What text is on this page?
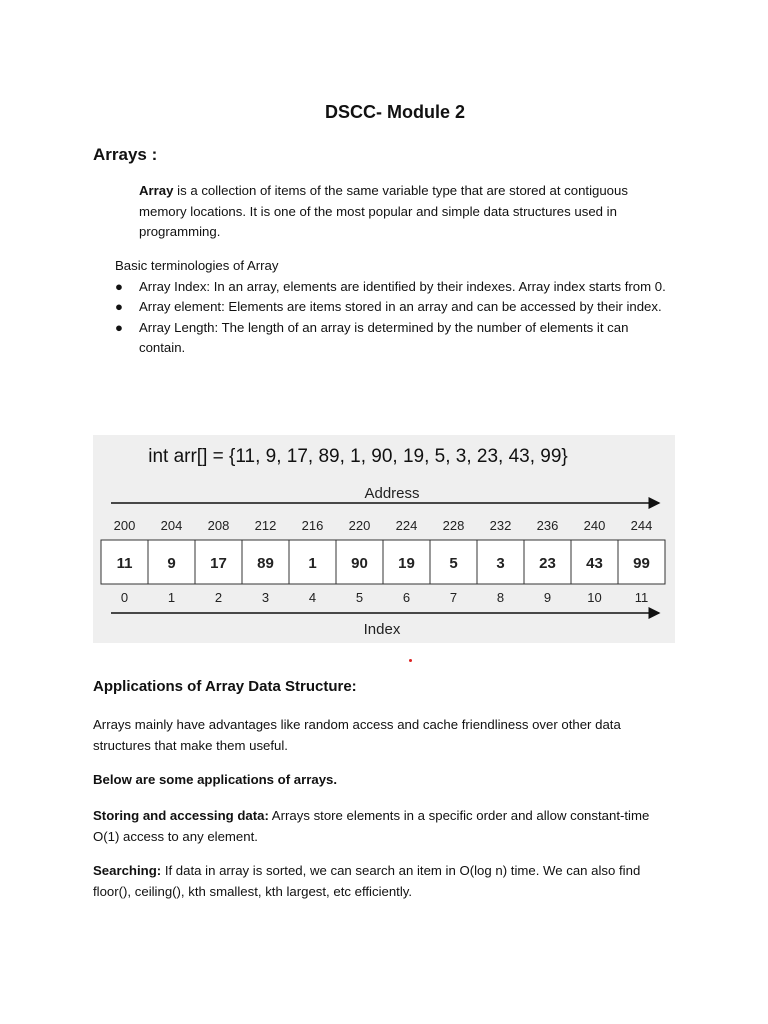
DSCC- Module 2
Arrays :
Array is a collection of items of the same variable type that are stored at contiguous memory locations. It is one of the most popular and simple data structures used in programming.

Basic terminologies of Array

● Array Index: In an array, elements are identified by their indexes. Array index starts from 0.
● Array element: Elements are items stored in an array and can be accessed by their index.
● Array Length: The length of an array is determined by the number of elements it can contain.
int arr[] = {11, 9, 17, 89, 1, 90, 19, 5, 3, 23, 43, 99}
Address
200 204 208 212 216 220 224 228 232 236 240 244
11 9 17 89 1 90 19 5	3 23 43 99
0	1	2	3	4	5	6	7	8	9	10	11
Index
Applications of Array Data Structure:
Arrays mainly have advantages like random access and cache friendliness over other data structures that make them useful.
Below are some applications of arrays.
Storing and accessing data: Arrays store elements in a specific order and allow constant-time O(1) access to any element.
Searching: If data in array is sorted, we can search an item in O(log n) time. We can also find floor(), ceiling(), kth smallest, kth largest, etc efficiently.
